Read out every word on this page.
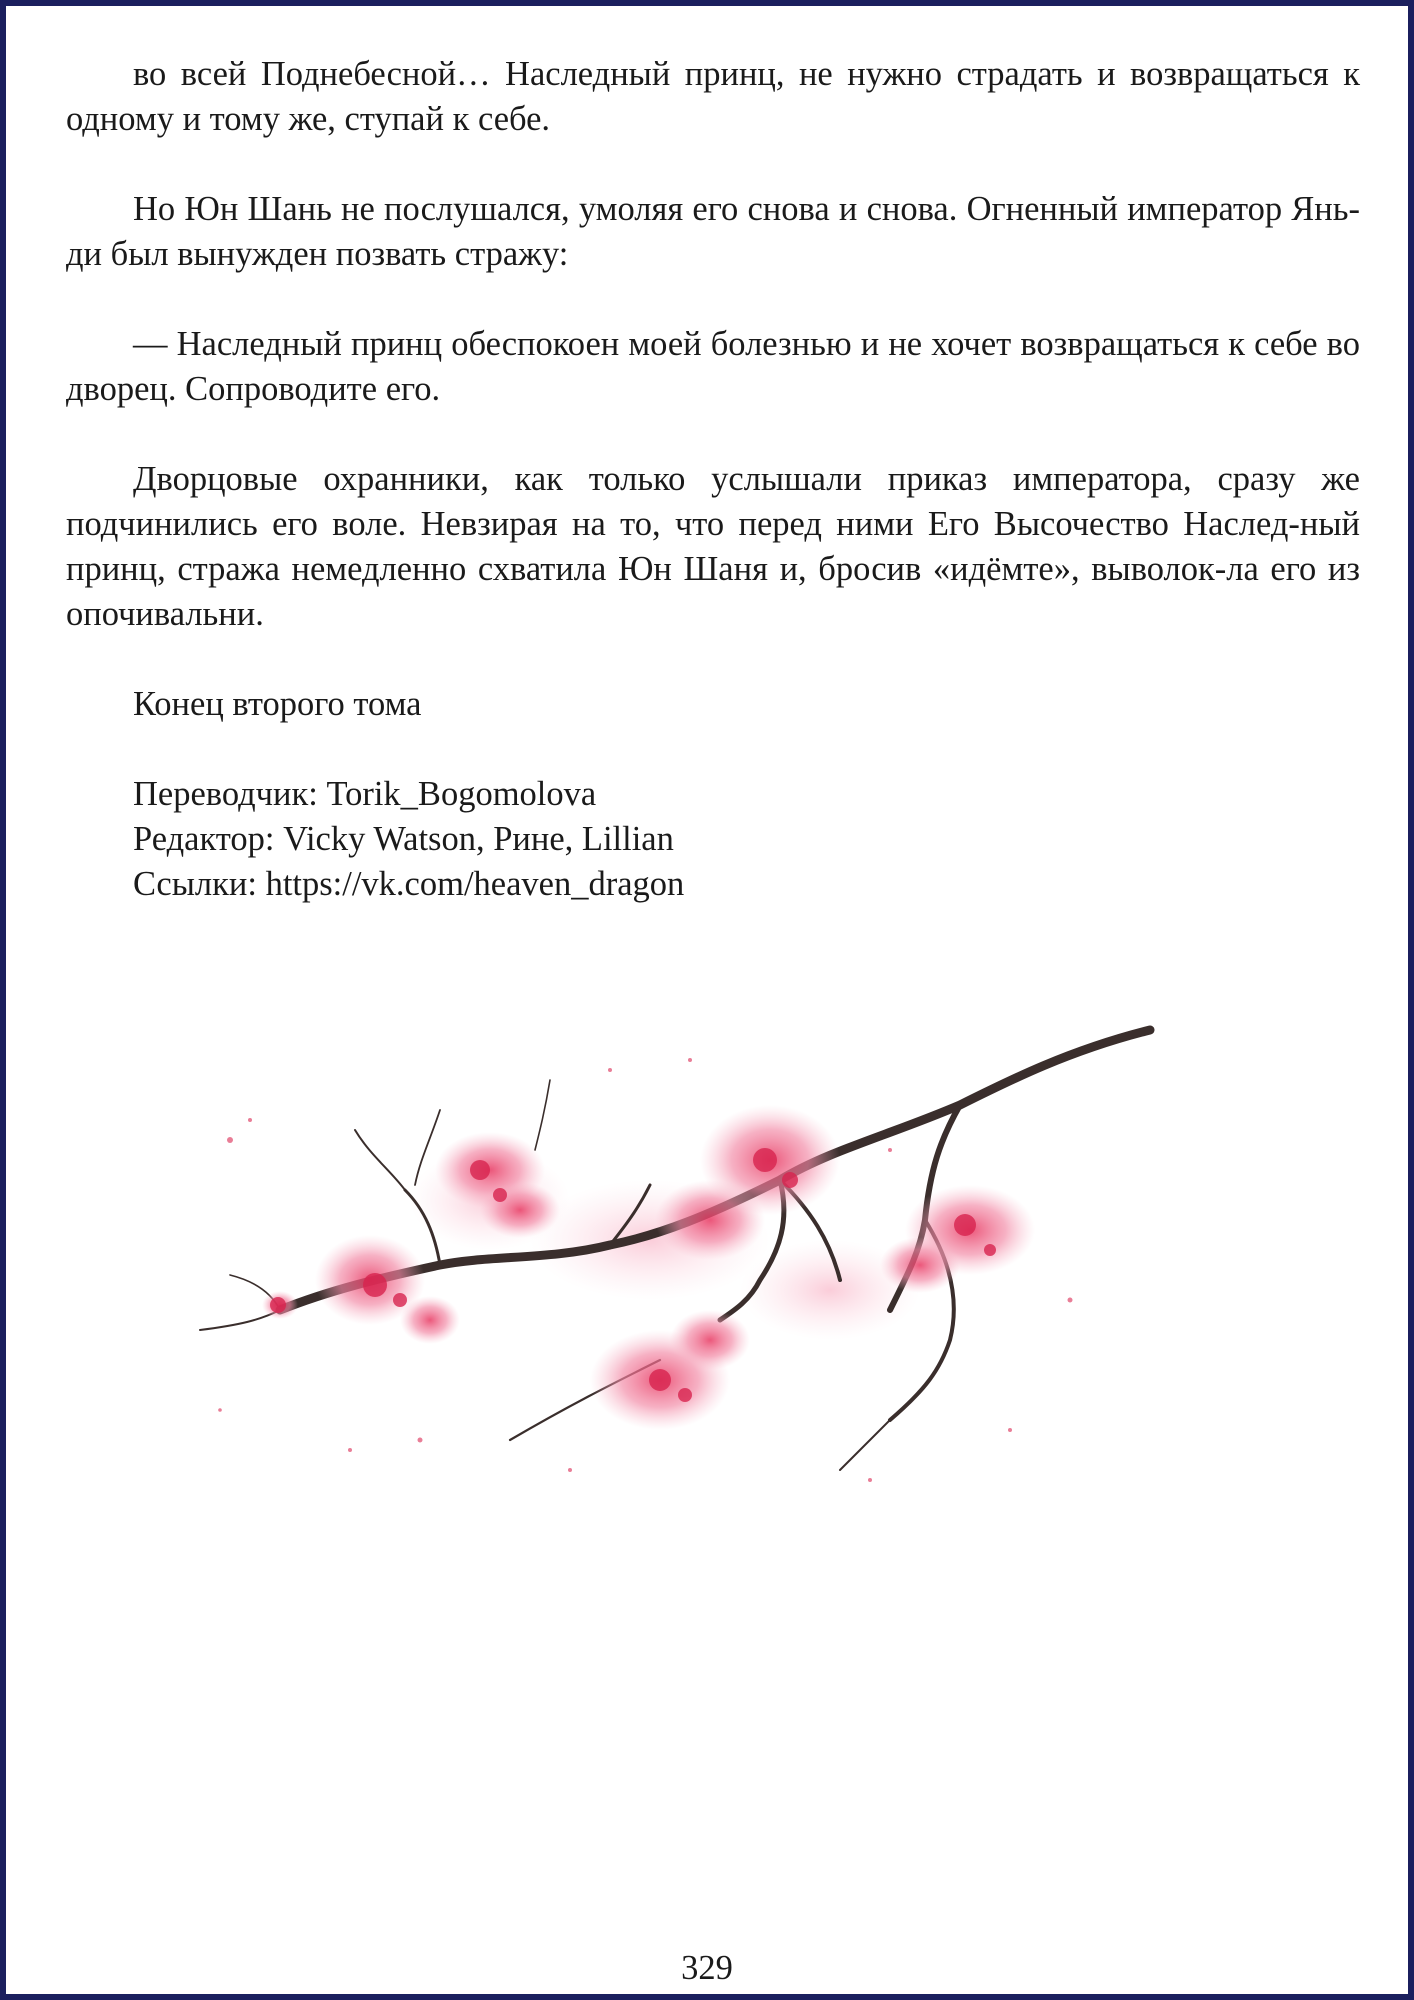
во всей Поднебесной… Наследный принц, не нужно страдать и возвращаться к одному и тому же, ступай к себе.

Но Юн Шань не послушался, умоляя его снова и снова. Огненный император Янь-ди был вынужден позвать стражу:

— Наследный принц обеспокоен моей болезнью и не хочет возвращаться к себе во дворец. Сопроводите его.

Дворцовые охранники, как только услышали приказ императора, сразу же подчинились его воле. Невзирая на то, что перед ними Его Высочество Наслед-ный принц, стража немедленно схватила Юн Шаня и, бросив «идёмте», выволок-ла его из опочивальни.

Конец второго тома

Переводчик: Torik_Bogomolova

Редактор: Vicky Watson, Рине, Lillian

Ссылки: https://vk.com/heaven_dragon

329
